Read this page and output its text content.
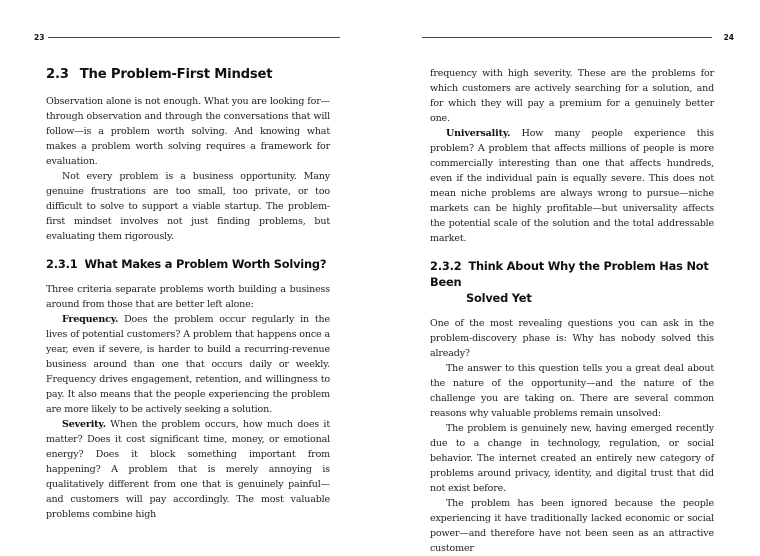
23
2.3 The Problem-First Mindset

Observation alone is not enough. What you are looking for—through observation and through the conversations that will follow—is a problem worth solving. And knowing what makes a problem worth solving requires a framework for evaluation.

Not every problem is a business opportunity. Many genuine frustrations are too small, too private, or too difficult to solve to support a viable startup. The problem-first mindset involves not just finding problems, but evaluating them rigorously.

2.3.1 What Makes a Problem Worth Solving?

Three criteria separate problems worth building a business around from those that are better left alone:

Frequency. Does the problem occur regularly in the lives of potential customers? A problem that happens once a year, even if severe, is harder to build a recurring-revenue business around than one that occurs daily or weekly. Frequency drives engagement, retention, and willingness to pay. It also means that the people experiencing the problem are more likely to be actively seeking a solution.

Severity. When the problem occurs, how much does it matter? Does it cost significant time, money, or emotional energy? Does it block something important from happening? A problem that is merely annoying is qualitatively different from one that is genuinely painful—and customers will pay accordingly. The most valuable problems combine high

24

frequency with high severity. These are the problems for which customers are actively searching for a solution, and for which they will pay a premium for a genuinely better one.

Universality. How many people experience this problem? A problem that affects millions of people is more commercially interesting than one that affects hundreds, even if the individual pain is equally severe. This does not mean niche problems are always wrong to pursue—niche markets can be highly profitable—but universality affects the potential scale of the solution and the total addressable market.

2.3.2 Think About Why the Problem Has Not Been
Solved Yet

One of the most revealing questions you can ask in the problem-discovery phase is: Why has nobody solved this already?

The answer to this question tells you a great deal about the nature of the opportunity—and the nature of the challenge you are taking on. There are several common reasons why valuable problems remain unsolved:

The problem is genuinely new, having emerged recently due to a change in technology, regulation, or social behavior. The internet created an entirely new category of problems around privacy, identity, and digital trust that did not exist before.

The problem has been ignored because the people experiencing it have traditionally lacked economic or social power—and therefore have not been seen as an attractive customer
